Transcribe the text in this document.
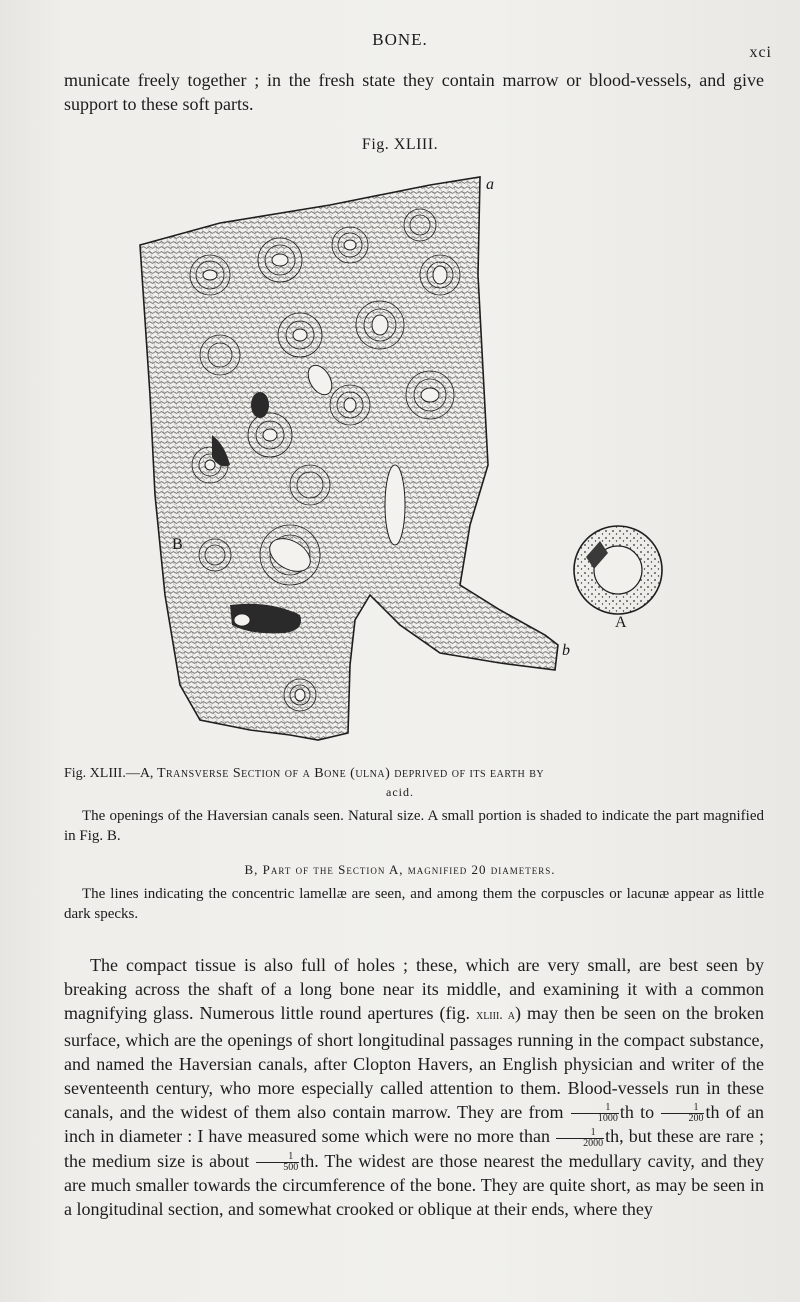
BONE.
xci
municate freely together ; in the fresh state they contain marrow or blood-vessels, and give support to these soft parts.
Fig. XLIII.
a
b
B
A
Fig. XLIII.—A, Transverse Section of a Bone (ulna) deprived of its earth by
acid.
The openings of the Haversian canals seen. Natural size. A small portion is shaded to indicate the part magnified in Fig. B.
B, Part of the Section A, magnified 20 diameters.
The lines indicating the concentric lamellæ are seen, and among them the corpuscles or lacunæ appear as little dark specks.
The compact tissue is also full of holes ; these, which are very small, are best seen by breaking across the shaft of a long bone near its middle, and examining it with a common magnifying glass. Numerous little round apertures (fig. xliii. a) may then be seen on the broken surface, which are the openings of short longitudinal passages running in the compact substance, and named the Haversian canals, after Clopton Havers, an English physician and writer of the seventeenth century, who more especially called attention to them. Blood-vessels run in these canals, and the widest of them also contain marrow. They are from $\frac{1}{1000}$ th to $\frac{1}{200}$ th of an inch in diameter : I have measured some which were no more than $\frac{1}{2000}$ th, but these are rare ; the medium size is about $\frac{1}{500}$ th. The widest are those nearest the medullary cavity, and they are much smaller towards the circumference of the bone. They are quite short, as may be seen in a longitudinal section, and somewhat crooked or oblique at their ends, where they
